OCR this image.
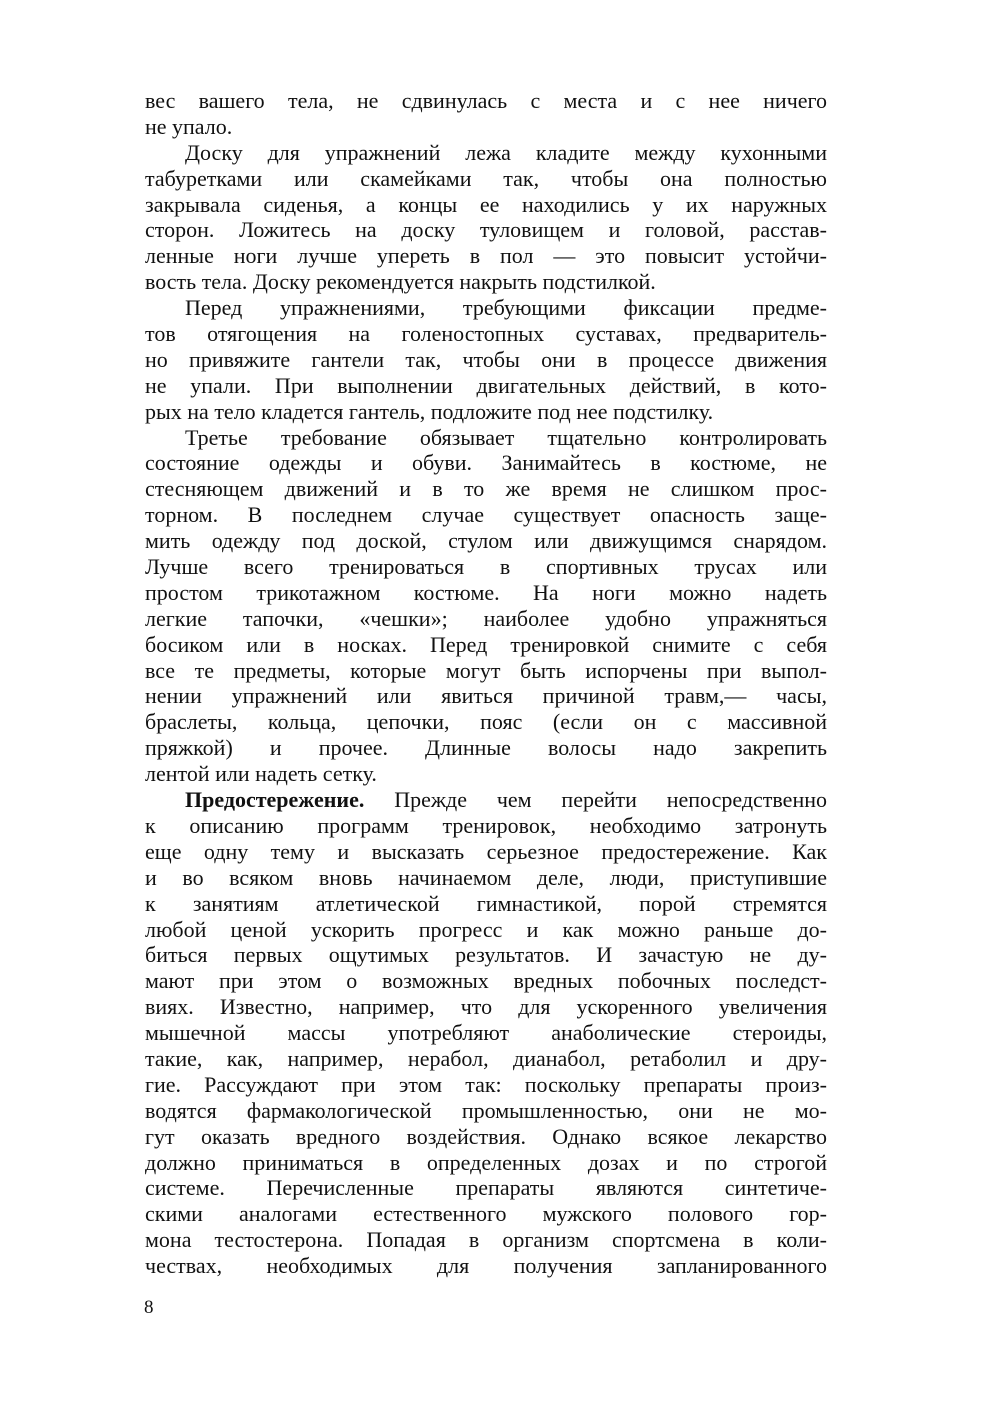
вес вашего тела, не сдвинулась с места и с нее ничего
не упало.
Доску для упражнений лежа кладите между кухонными
табуретками или скамейками так, чтобы она полностью
закрывала сиденья, а концы ее находились у их наружных
сторон. Ложитесь на доску туловищем и головой, расстав-
ленные ноги лучше упереть в пол — это повысит устойчи-
вость тела. Доску рекомендуется накрыть подстилкой.
Перед упражнениями, требующими фиксации предме-
тов отягощения на голеностопных суставах, предваритель-
но привяжите гантели так, чтобы они в процессе движения
не упали. При выполнении двигательных действий, в кото-
рых на тело кладется гантель, подложите под нее подстилку.
Третье требование обязывает тщательно контролировать
состояние одежды и обуви. Занимайтесь в костюме, не
стесняющем движений и в то же время не слишком прос-
торном. В последнем случае существует опасность заще-
мить одежду под доской, стулом или движущимся снарядом.
Лучше всего тренироваться в спортивных трусах или
простом трикотажном костюме. На ноги можно надеть
легкие тапочки, «чешки»; наиболее удобно упражняться
босиком или в носках. Перед тренировкой снимите с себя
все те предметы, которые могут быть испорчены при выпол-
нении упражнений или явиться причиной травм,— часы,
браслеты, кольца, цепочки, пояс (если он с массивной
пряжкой) и прочее. Длинные волосы надо закрепить
лентой или надеть сетку.
Предостережение. Прежде чем перейти непосредственно
к описанию программ тренировок, необходимо затронуть
еще одну тему и высказать серьезное предостережение. Как
и во всяком вновь начинаемом деле, люди, приступившие
к занятиям атлетической гимнастикой, порой стремятся
любой ценой ускорить прогресс и как можно раньше до-
биться первых ощутимых результатов. И зачастую не ду-
мают при этом о возможных вредных побочных последст-
виях. Известно, например, что для ускоренного увеличения
мышечной массы употребляют анаболические стероиды,
такие, как, например, нерабол, дианабол, ретаболил и дру-
гие. Рассуждают при этом так: поскольку препараты произ-
водятся фармакологической промышленностью, они не мо-
гут оказать вредного воздействия. Однако всякое лекарство
должно приниматься в определенных дозах и по строгой
системе. Перечисленные препараты являются синтетиче-
скими аналогами естественного мужского полового гор-
мона тестостерона. Попадая в организм спортсмена в коли-
чествах, необходимых для получения запланированного
8
